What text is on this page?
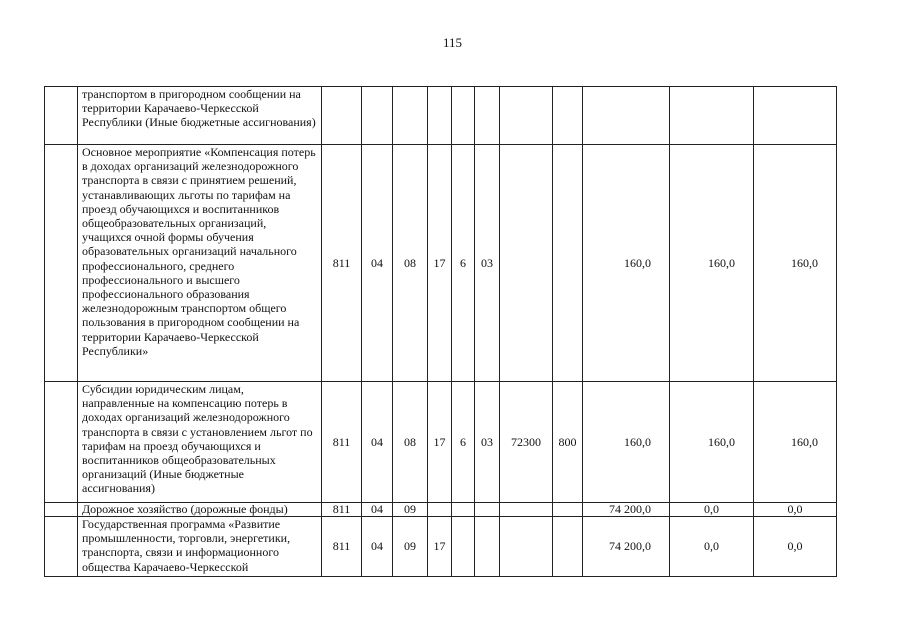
115
	транспортом в пригородном сообщении на территории Карачаево-Черкесской Республики (Иные бюджетные ассигнования)											
	Основное мероприятие «Компенсация потерь в доходах организаций железнодорожного транспорта в связи с принятием решений, устанавливающих льготы по тарифам на проезд обучающихся и воспитанников общеобразовательных организаций, учащихся очной формы обучения образовательных организаций начального профессионального, среднего профессионального и высшего профессионального образования железнодорожным транспортом общего пользования в пригородном сообщении на территории Карачаево-Черкесской Республики»	811	04	08	17	6	03			160,0	160,0	160,0
	Субсидии юридическим лицам, направленные на компенсацию потерь в доходах организаций железнодорожного транспорта в связи с установлением льгот по тарифам на проезд обучающихся и воспитанников общеобразовательных организаций (Иные бюджетные ассигнования)	811	04	08	17	6	03	72300	800	160,0	160,0	160,0
	Дорожное хозяйство (дорожные фонды)	811	04	09						74 200,0	0,0	0,0
	Государственная программа «Развитие промышленности, торговли, энергетики, транспорта, связи и информационного общества Карачаево-Черкесской	811	04	09	17					74 200,0	0,0	0,0
